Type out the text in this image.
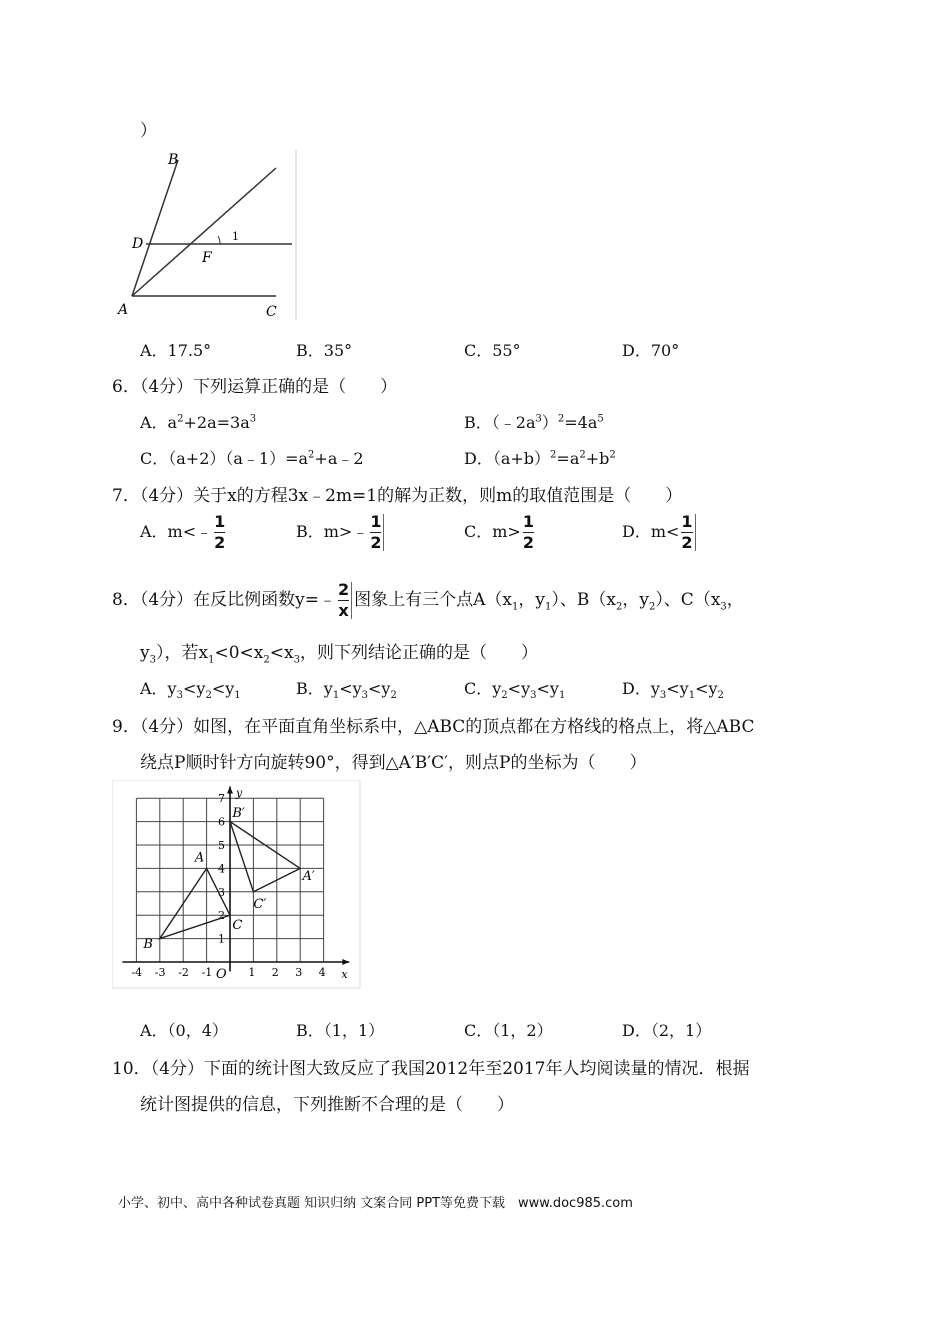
）
B
D
F
1
A	C
A．17.5°	B．35°	C．55°	D．70°
6．（4分）下列运算正确的是（　　）
A．$a^2+2a=3a^3$	B．$(﹣2a^3)^2=4a^5$
C．$(a+2)(a﹣1)=a^2+a﹣2$	D．$(a+b)^2=a^2+b^2$
7．（4分）关于x的方程3x﹣2m=1的解为正数，则m的取值范围是（　　）
A．m<﹣ $\frac{1}{2}$	B．m>﹣ $\frac{1}{2}$	C．$m> \frac{1}{2}$	D．$m< \frac{1}{2}$
8．（4分）在反比例函数y=﹣ $\frac{2}{x}$ 图象上有三个点$A(x_1$，$y_1$）、$B(x_2$，$y_2$）、$C(x_3$，
$y_3$），若$x_1<0<x_2<x_3$，则下列结论正确的是（　　）
A．$y_3<y_2<y_1$	B．$y_1<y_3<y_2$	C．$y_2<y_3<y_1$	D．$y_3<y_1<y_2$
9．（4分）如图，在平面直角坐标系中，△ABC的顶点都在方格线的格点上，将△ABC
绕点P顺时针方向旋转90°，得到△A′B′C′，则点P的坐标为（　　）
-4 -3 -2 -1	1 2 3 4
1
2
3
4
5
6
7
x
y
O
A
B
C
A′
B′
C′
A．（0，4）	B．（1，1）	C．（1，2）	D．（2，1）
10．（4分）下面的统计图大致反应了我国2012年至2017年人均阅读量的情况．根据
统计图提供的信息，下列推断不合理的是（　　）
小学、初中、高中各种试卷真题 知识归纳 文案合同 PPT等免费下载　www.doc985.com
